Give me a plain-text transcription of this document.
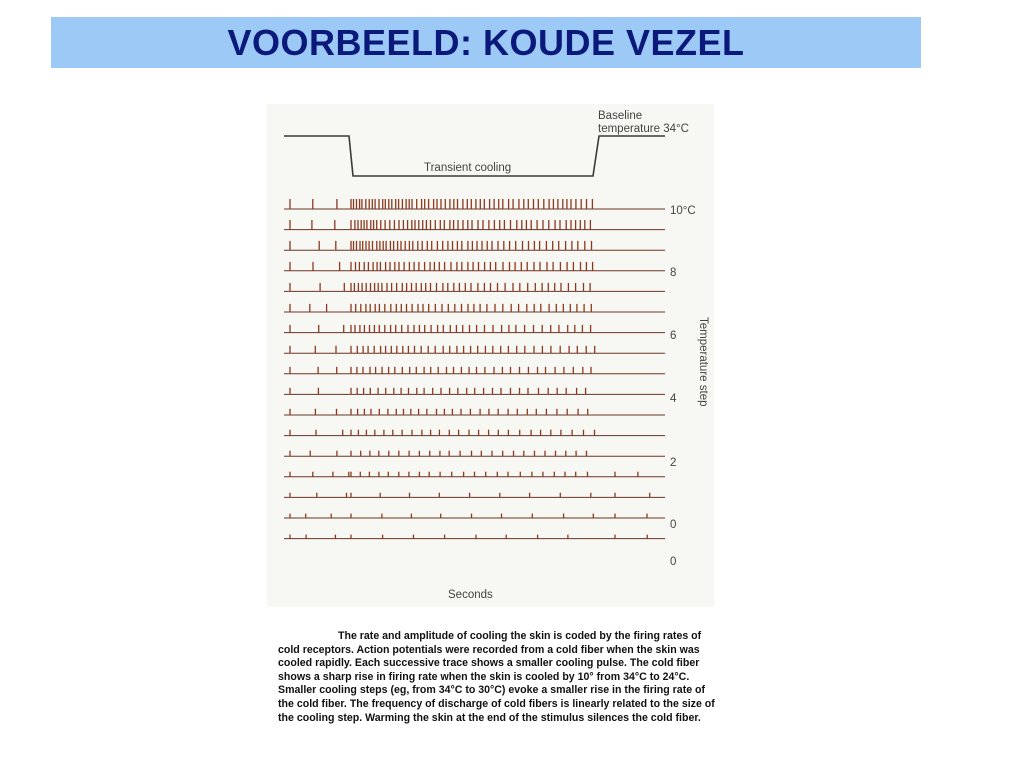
VOORBEELD: KOUDE VEZEL
Baseline
temperature 34°C
Transient cooling
10°C
8
6
4
2
0
0
Temperature step
Seconds
The rate and amplitude of cooling the skin is coded by the firing rates of cold receptors. Action potentials were recorded from a cold fiber when the skin was cooled rapidly. Each successive trace shows a smaller cooling pulse. The cold fiber shows a sharp rise in firing rate when the skin is cooled by 10° from 34°C to 24°C. Smaller cooling steps (eg, from 34°C to 30°C) evoke a smaller rise in the firing rate of the cold fiber. The frequency of discharge of cold fibers is linearly related to the size of the cooling step. Warming the skin at the end of the stimulus silences the cold fiber.
